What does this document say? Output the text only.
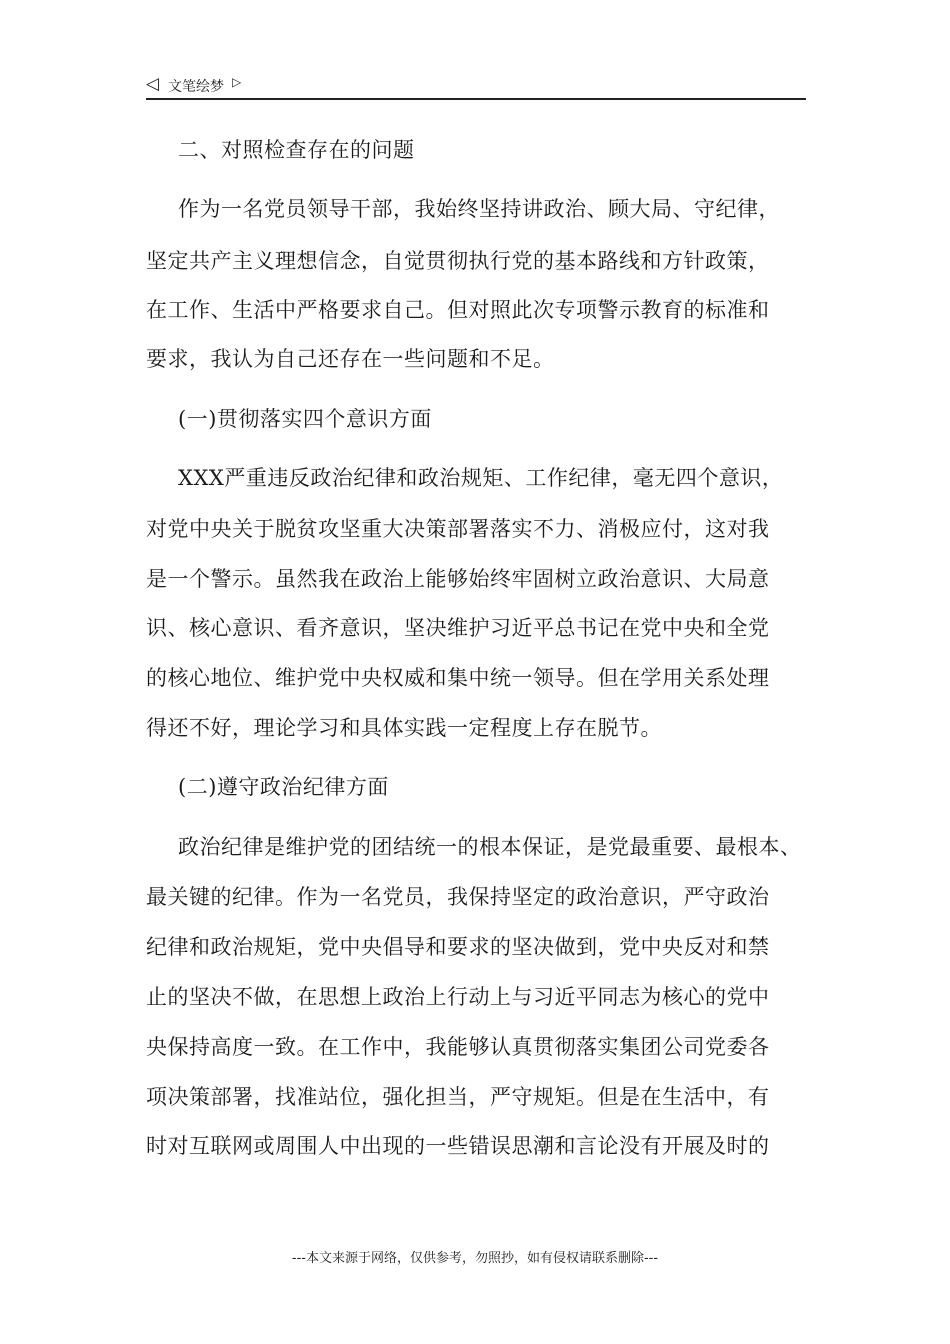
◁ 文笔绘梦 ▷
二、对照检查存在的问题
作为一名党员领导干部，我始终坚持讲政治、顾大局、守纪律，
坚定共产主义理想信念，自觉贯彻执行党的基本路线和方针政策，
在工作、生活中严格要求自己。但对照此次专项警示教育的标准和
要求，我认为自己还存在一些问题和不足。
(一)贯彻落实四个意识方面
XXX严重违反政治纪律和政治规矩、工作纪律，毫无四个意识，
对党中央关于脱贫攻坚重大决策部署落实不力、消极应付，这对我
是一个警示。虽然我在政治上能够始终牢固树立政治意识、大局意
识、核心意识、看齐意识，坚决维护习近平总书记在党中央和全党
的核心地位、维护党中央权威和集中统一领导。但在学用关系处理
得还不好，理论学习和具体实践一定程度上存在脱节。
(二)遵守政治纪律方面
政治纪律是维护党的团结统一的根本保证，是党最重要、最根本、
最关键的纪律。作为一名党员，我保持坚定的政治意识，严守政治
纪律和政治规矩，党中央倡导和要求的坚决做到，党中央反对和禁
止的坚决不做，在思想上政治上行动上与习近平同志为核心的党中
央保持高度一致。在工作中，我能够认真贯彻落实集团公司党委各
项决策部署，找准站位，强化担当，严守规矩。但是在生活中，有
时对互联网或周围人中出现的一些错误思潮和言论没有开展及时的
---本文来源于网络，仅供参考，勿照抄，如有侵权请联系删除---
